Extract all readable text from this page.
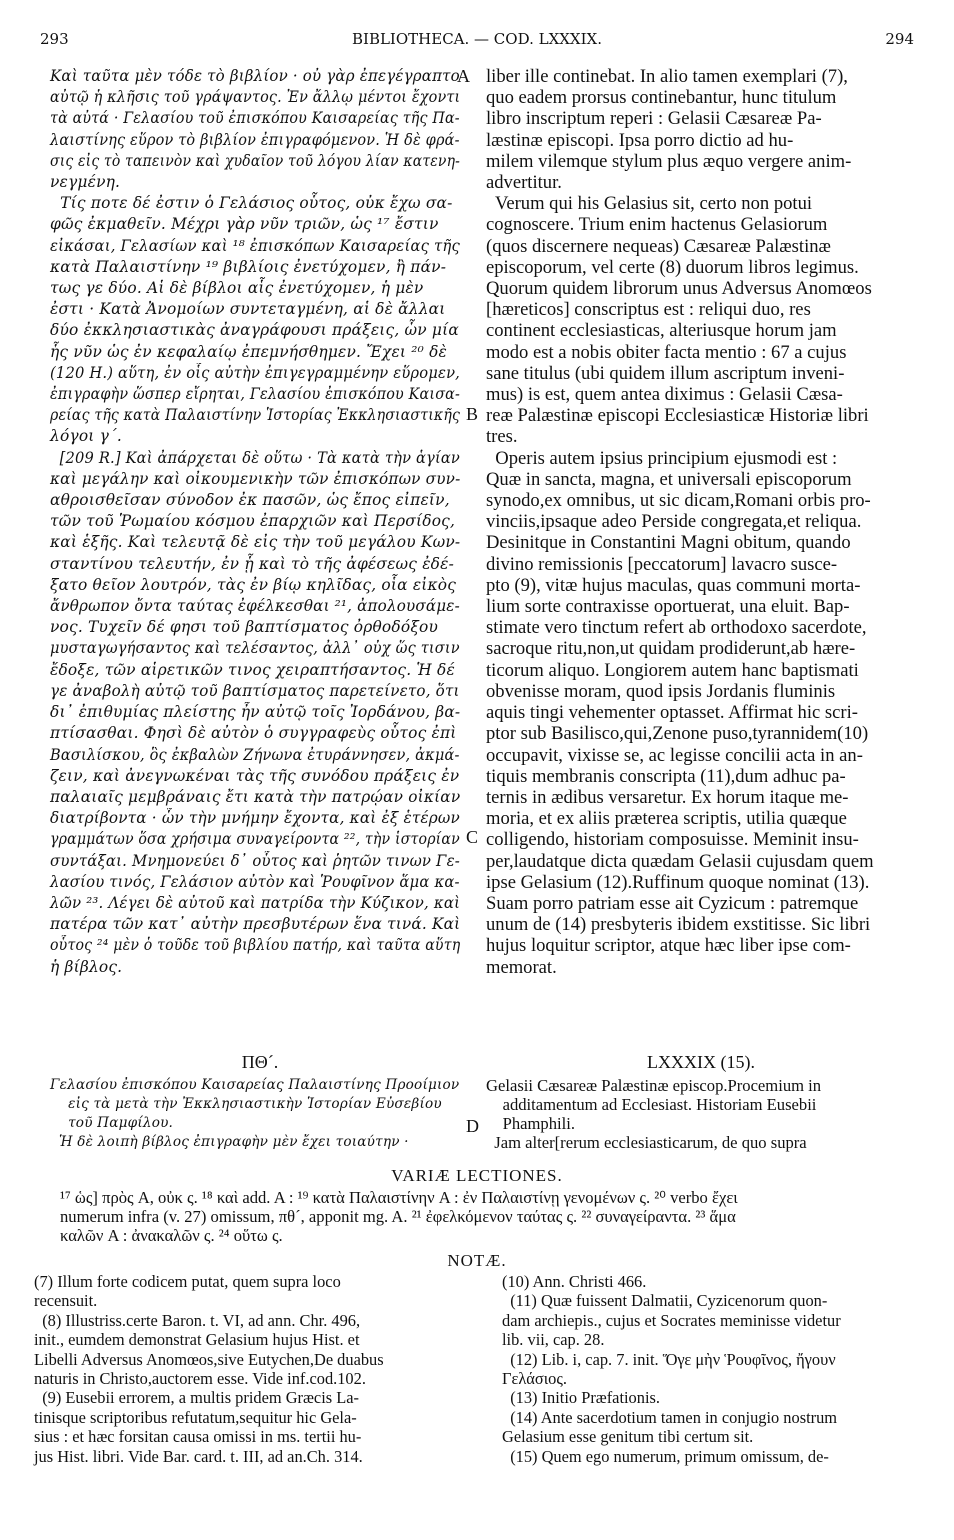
293	BIBLIOTHECA. — COD. LXXXIX.	294

Καὶ ταῦτα μὲν τόδε τὸ βιβλίον · οὐ γὰρ ἐπεγέγραπτο

αὐτῷ ἡ κλῆσις τοῦ γράψαντος. Ἐν ἄλλῳ μέντοι ἔχοντι

τὰ αὐτά · Γελασίου τοῦ ἐπισκόπου Καισαρείας τῆς Πα-

λαιστίνης εὕρον τὸ βιβλίον ἐπιγραφόμενον. Ἡ δὲ φρά-

σις εἰς τὸ ταπεινὸν καὶ χυδαῖον τοῦ λόγου λίαν κατενη-

νεγμένη.

Τίς ποτε δέ ἐστιν ὁ Γελάσιος οὗτος, οὐκ ἔχω σα-

φῶς ἐκμαθεῖν. Μέχρι γὰρ νῦν τριῶν, ὡς ¹⁷ ἔστιν

εἰκάσαι, Γελασίων καὶ ¹⁸ ἐπισκόπων Καισαρείας τῆς

κατὰ Παλαιστίνην ¹⁹ βιβλίοις ἐνετύχομεν, ἢ πάν-

τως γε δύο. Αἱ δὲ βίβλοι αἷς ἐνετύχομεν, ἡ μὲν

ἐστι · Κατὰ Ἀνομοίων συντεταγμένη, αἱ δὲ ἄλλαι

δύο ἐκκλησιαστικὰς ἀναγράφουσι πράξεις, ὧν μία

ἧς νῦν ὡς ἐν κεφαλαίῳ ἐπεμνήσθημεν. Ἔχει ²⁰ δὲ

(120 H.) αὕτη, ἐν οἷς αὐτὴν ἐπιγεγραμμένην εὕρομεν,

ἐπιγραφὴν ὥσπερ εἴρηται, Γελασίου ἐπισκόπου Καισα-

ρείας τῆς κατὰ Παλαιστίνην Ἱστορίας Ἐκκλησιαστικῆς

λόγοι γ´.

[209 R.] Καὶ ἀπάρχεται δὲ οὕτω · Τὰ κατὰ τὴν ἁγίαν

καὶ μεγάλην καὶ οἰκουμενικὴν τῶν ἐπισκόπων συν-

αθροισθεῖσαν σύνοδον ἐκ πασῶν, ὡς ἔπος εἰπεῖν,

τῶν τοῦ Ῥωμαίου κόσμου ἐπαρχιῶν καὶ Περσίδος,

καὶ ἑξῆς. Καὶ τελευτᾷ δὲ εἰς τὴν τοῦ μεγάλου Κων-

σταντίνου τελευτήν, ἐν ᾗ καὶ τὸ τῆς ἀφέσεως ἐδέ-

ξατο θεῖον λουτρόν, τὰς ἐν βίῳ κηλῖδας, οἷα εἰκὸς

ἄνθρωπον ὄντα ταύτας ἐφέλκεσθαι ²¹, ἀπολουσάμε-

νος. Τυχεῖν δέ φησι τοῦ βαπτίσματος ὀρθοδόξου

μυσταγωγήσαντος καὶ τελέσαντος, ἀλλ᾽ οὐχ ὥς τισιν

ἔδοξε, τῶν αἱρετικῶν τινος χειραπτήσαντος. Ἡ δέ

γε ἀναβολὴ αὐτῷ τοῦ βαπτίσματος παρετείνετο, ὅτι

δι᾽ ἐπιθυμίας πλείστης ἦν αὐτῷ τοῖς Ἰορδάνου, βα-

πτίσασθαι. Φησὶ δὲ αὐτὸν ὁ συγγραφεὺς οὗτος ἐπὶ

Βασιλίσκου, ὃς ἐκβαλὼν Ζήνωνα ἐτυράννησεν, ἀκμά-

ζειν, καὶ ἀνεγνωκέναι τὰς τῆς συνόδου πράξεις ἐν

παλαιαῖς μεμβράναις ἔτι κατὰ τὴν πατρῴαν οἰκίαν

διατρίβοντα · ὧν τὴν μνήμην ἔχοντα, καὶ ἐξ ἑτέρων

γραμμάτων ὅσα χρήσιμα συναγείροντα ²², τὴν ἱστορίαν

συντάξαι. Μνημονεύει δ᾽ οὗτος καὶ ῥητῶν τινων Γε-

λασίου τινός, Γελάσιον αὐτὸν καὶ Ῥουφῖνον ἅμα κα-

λῶν ²³. Λέγει δὲ αὐτοῦ καὶ πατρίδα τὴν Κύζικον, καὶ

πατέρα τῶν κατ᾽ αὐτὴν πρεσβυτέρων ἕνα τινά. Καὶ

οὗτος ²⁴ μὲν ὁ τοῦδε τοῦ βιβλίου πατήρ, καὶ ταῦτα αὕτη

ἡ βίβλος.

liber ille continebat. In alio tamen exemplari (7),

quo eadem prorsus continebantur, hunc titulum

libro inscriptum reperi : Gelasii Cæsareæ Pa-

læstinæ episcopi. Ipsa porro dictio ad hu-

milem vilemque stylum plus æquo vergere anim-

advertitur.

Verum qui his Gelasius sit, certo non potui

cognoscere. Trium enim hactenus Gelasiorum

(quos discernere nequeas) Cæsareæ Palæstinæ

episcoporum, vel certe (8) duorum libros legimus.

Quorum quidem librorum unus Adversus Anomœos

[hæreticos] conscriptus est : reliqui duo, res

continent ecclesiasticas, alteriusque horum jam

modo est a nobis obiter facta mentio : 67 a cujus

sane titulus (ubi quidem illum ascriptum inveni-

mus) is est, quem antea diximus : Gelasii Cæsa-

reæ Palæstinæ episcopi Ecclesiasticæ Historiæ libri

tres.

Operis autem ipsius principium ejusmodi est :

Quæ in sancta, magna, et universali episcoporum

synodo,ex omnibus, ut sic dicam,Romani orbis pro-

vinciis,ipsaque adeo Perside congregata,et reliqua.

Desinitque in Constantini Magni obitum, quando

divino remissionis [peccatorum] lavacro susce-

pto (9), vitæ hujus maculas, quas communi morta-

lium sorte contraxisse oportuerat, una eluit. Bap-

stimate vero tinctum refert ab orthodoxo sacerdote,

sacroque ritu,non,ut quidam prodiderunt,ab hære-

ticorum aliquo. Longiorem autem hanc baptismati

obvenisse moram, quod ipsis Jordanis fluminis

aquis tingi vehementer optasset. Affirmat hic scri-

ptor sub Basilisco,qui,Zenone puso,tyrannidem(10)

occupavit, vixisse se, ac legisse concilii acta in an-

tiquis membranis conscripta (11),dum adhuc pa-

ternis in ædibus versaretur. Ex horum itaque me-

moria, et ex aliis præterea scriptis, utilia quæque

colligendo, historiam composuisse. Meminit insu-

per,laudatque dicta quædam Gelasii cujusdam quem

ipse Gelasium (12).Ruffinum quoque nominat (13).

Suam porro patriam esse ait Cyzicum : patremque

unum de (14) presbyteris ibidem exstitisse. Sic libri

hujus loquitur scriptor, atque hæc liber ipse com-

memorat.

A
B
C
D
ΠΘ´.

Γελασίου ἐπισκόπου Καισαρείας Παλαιστίνης Προοίμιον

εἰς τὰ μετὰ τὴν Ἐκκλησιαστικὴν Ἱστορίαν Εὐσεβίου

τοῦ Παμφίλου.

Ἡ δὲ λοιπὴ βίβλος ἐπιγραφὴν μὲν ἔχει τοιαύτην ·

LXXXIX (15).

Gelasii Cæsareæ Palæstinæ episcop.Procemium in

additamentum ad Ecclesiast. Historiam Eusebii

Phamphili.

Jam alter[rerum ecclesiasticarum, de quo supra

VARIÆ LECTIONES.

¹⁷ ὡς] πρὸς A, οὐκ ς. ¹⁸ καὶ add. A : ¹⁹ κατὰ Παλαιστίνην A : ἐν Παλαιστίνῃ γενομένων ς. ²⁰ verbo ἔχει

numerum infra (v. 27) omissum, πθ´, apponit mg. A. ²¹ ἐφελκόμενον ταύτας ς. ²² συναγείραντα. ²³ ἅμα

καλῶν A : ἀνακαλῶν ς. ²⁴ οὕτω ς.

NOTÆ.

(7) Illum forte codicem putat, quem supra loco

recensuit.

(8) Illustriss.certe Baron. t. VI, ad ann. Chr. 496,

init., eumdem demonstrat Gelasium hujus Hist. et

Libelli Adversus Anomœos,sive Eutychen,De duabus

naturis in Christo,auctorem esse. Vide inf.cod.102.

(9) Eusebii errorem, a multis pridem Græcis La-

tinisque scriptoribus refutatum,sequitur hic Gela-

sius : et hæc forsitan causa omissi in ms. tertii hu-

jus Hist. libri. Vide Bar. card. t. III, ad an.Ch. 314.

(10) Ann. Christi 466.

(11) Quæ fuissent Dalmatii, Cyzicenorum quon-

dam archiepis., cujus et Socrates meminisse videtur

lib. vii, cap. 28.

(12) Lib. i, cap. 7. init. Ὅγε μὴν Ῥουφῖνος, ἤγουν

Γελάσιος.

(13) Initio Præfationis.

(14) Ante sacerdotium tamen in conjugio nostrum

Gelasium esse genitum tibi certum sit.

(15) Quem ego numerum, primum omissum, de-
